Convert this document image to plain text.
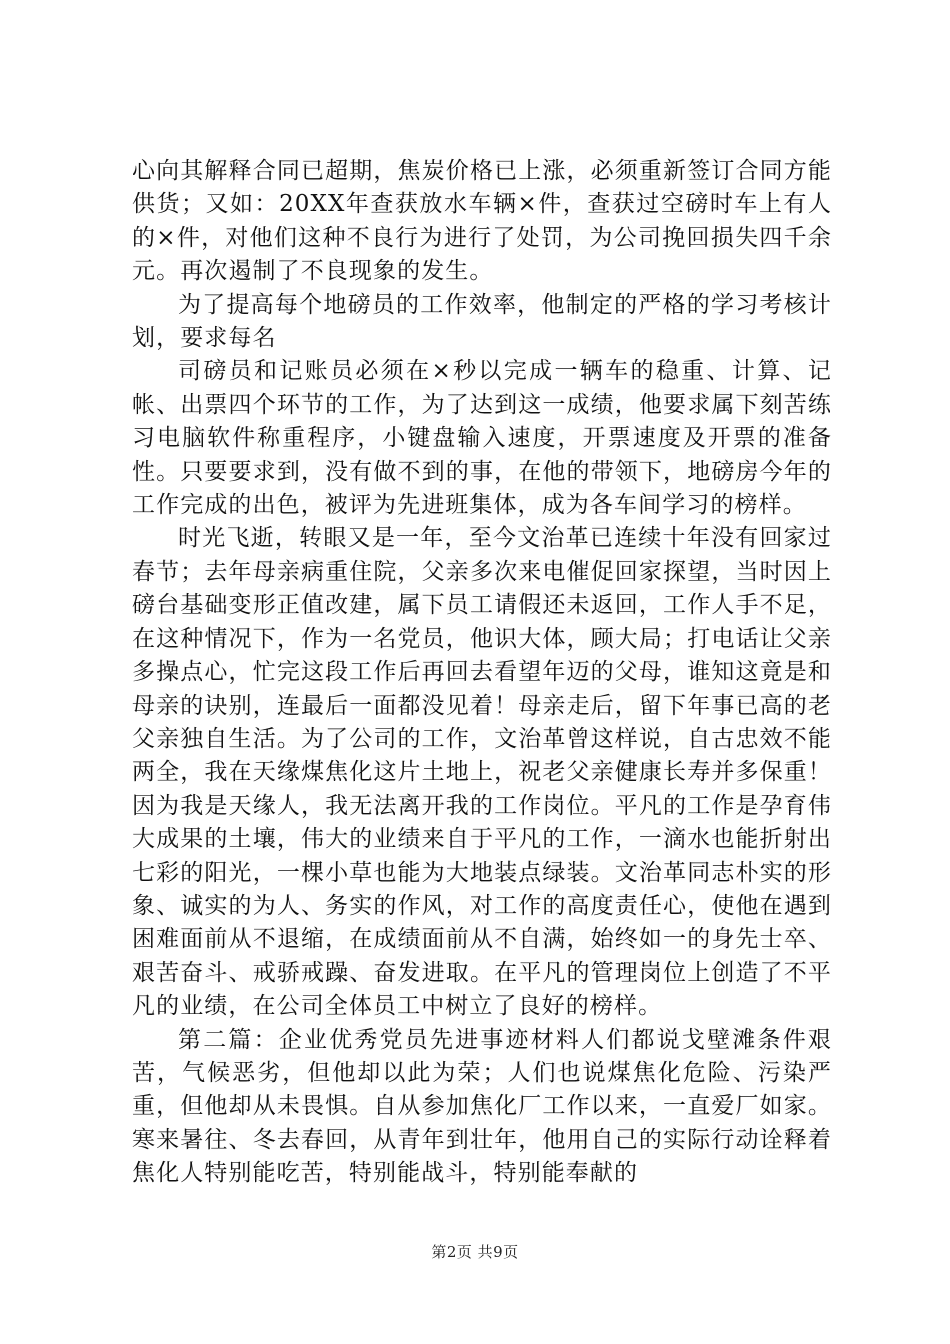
心向其解释合同已超期，焦炭价格已上涨，必须重新签订合同方能供货；又如：20XX年查获放水车辆×件，查获过空磅时车上有人的×件，对他们这种不良行为进行了处罚，为公司挽回损失四千余元。再次遏制了不良现象的发生。

为了提高每个地磅员的工作效率，他制定的严格的学习考核计划，要求每名

司磅员和记账员必须在×秒以完成一辆车的稳重、计算、记帐、出票四个环节的工作，为了达到这一成绩，他要求属下刻苦练习电脑软件称重程序，小键盘输入速度，开票速度及开票的准备性。只要要求到，没有做不到的事，在他的带领下，地磅房今年的工作完成的出色，被评为先进班集体，成为各车间学习的榜样。

时光飞逝，转眼又是一年，至今文治革已连续十年没有回家过春节；去年母亲病重住院，父亲多次来电催促回家探望，当时因上磅台基础变形正值改建，属下员工请假还未返回，工作人手不足，在这种情况下，作为一名党员，他识大体，顾大局；打电话让父亲多操点心，忙完这段工作后再回去看望年迈的父母，谁知这竟是和母亲的诀别，连最后一面都没见着！母亲走后，留下年事已高的老父亲独自生活。为了公司的工作，文治革曾这样说，自古忠效不能两全，我在天缘煤焦化这片土地上，祝老父亲健康长寿并多保重！因为我是天缘人，我无法离开我的工作岗位。平凡的工作是孕育伟大成果的土壤，伟大的业绩来自于平凡的工作，一滴水也能折射出七彩的阳光，一棵小草也能为大地装点绿装。文治革同志朴实的形象、诚实的为人、务实的作风，对工作的高度责任心，使他在遇到困难面前从不退缩，在成绩面前从不自满，始终如一的身先士卒、艰苦奋斗、戒骄戒躁、奋发进取。在平凡的管理岗位上创造了不平凡的业绩，在公司全体员工中树立了良好的榜样。

第二篇：企业优秀党员先进事迹材料人们都说戈壁滩条件艰苦，气候恶劣，但他却以此为荣；人们也说煤焦化危险、污染严重，但他却从未畏惧。自从参加焦化厂工作以来，一直爱厂如家。寒来暑往、冬去春回，从青年到壮年，他用自己的实际行动诠释着焦化人特别能吃苦，特别能战斗，特别能奉献的

第2页 共9页
